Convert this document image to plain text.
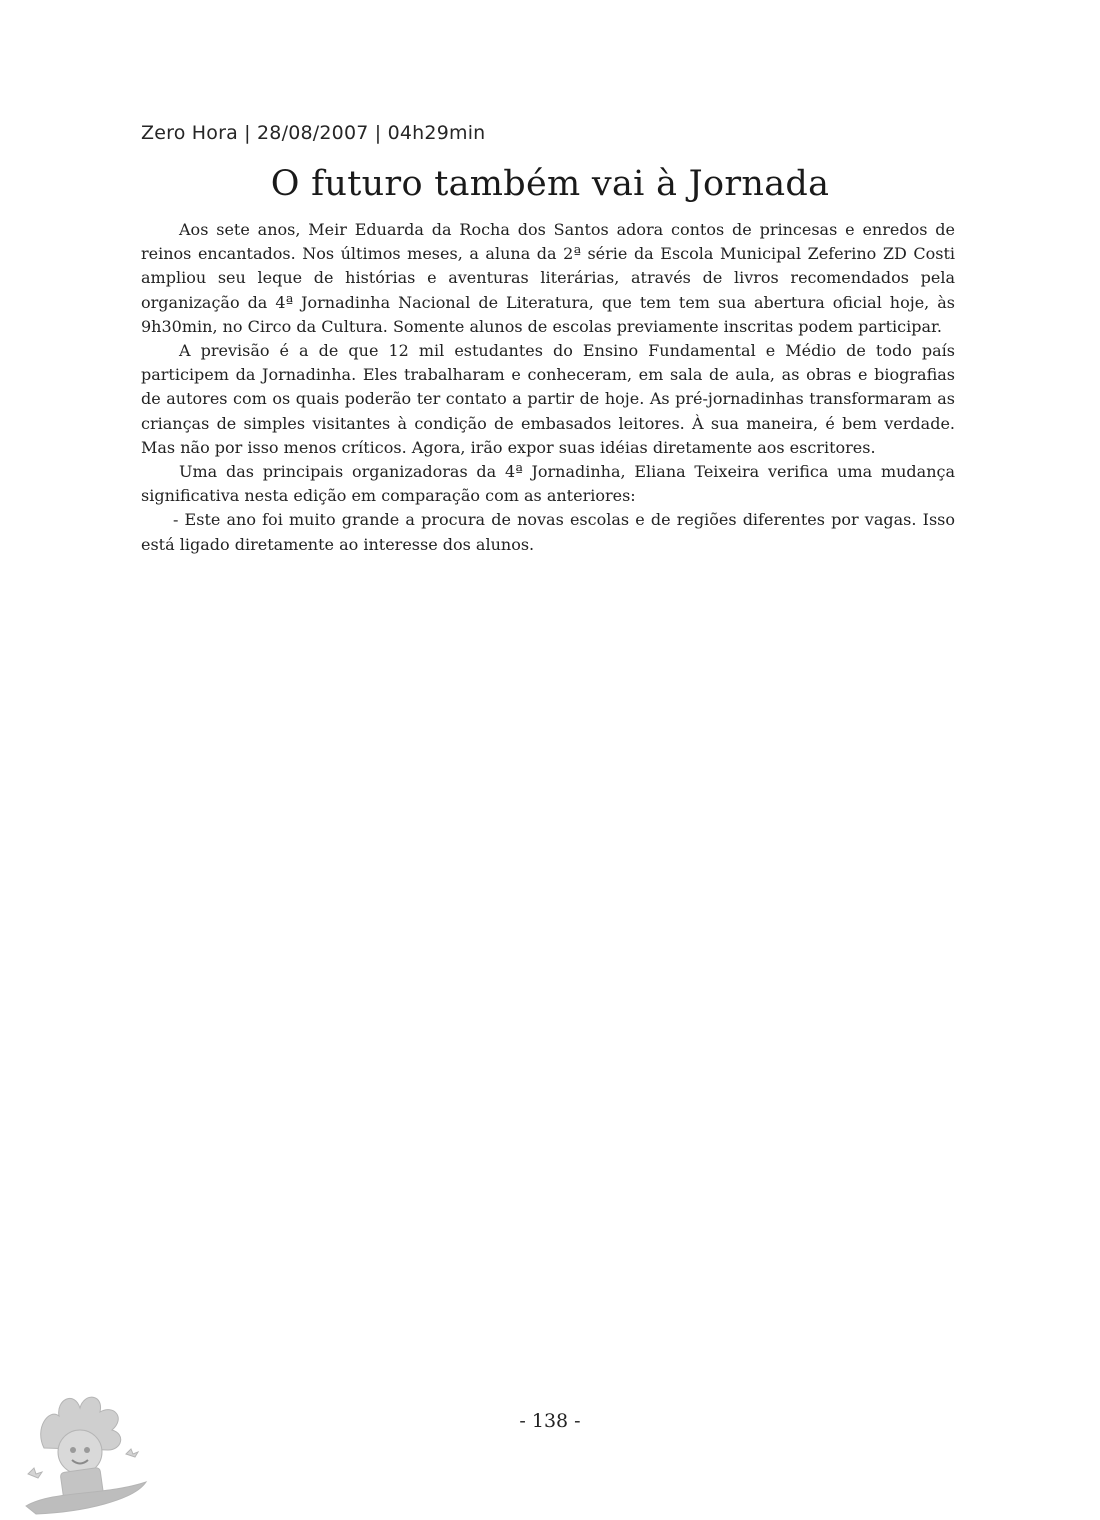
Zero Hora | 28/08/2007 | 04h29min
O futuro também vai à Jornada

Aos sete anos, Meir Eduarda da Rocha dos Santos adora contos de princesas e enredos de reinos encantados. Nos últimos meses, a aluna da 2ª série da Escola Municipal Zeferino ZD Costi ampliou seu leque de histórias e aventuras literárias, através de livros recomendados pela organização da 4ª Jornadinha Nacional de Literatura, que tem tem sua abertura oficial hoje, às 9h30min, no Circo da Cultura. Somente alunos de escolas previamente inscritas podem participar.

A previsão é a de que 12 mil estudantes do Ensino Fundamental e Médio de todo país participem da Jornadinha. Eles trabalharam e conheceram, em sala de aula, as obras e biografias de autores com os quais poderão ter contato a partir de hoje. As pré-jornadinhas transformaram as crianças de simples visitantes à condição de embasados leitores. À sua maneira, é bem verdade. Mas não por isso menos críticos. Agora, irão expor suas idéias diretamente aos escritores.

Uma das principais organizadoras da 4ª Jornadinha, Eliana Teixeira verifica uma mudança significativa nesta edição em comparação com as anteriores:

- Este ano foi muito grande a procura de novas escolas e de regiões diferentes por vagas. Isso está ligado diretamente ao interesse dos alunos.

- 138 -
